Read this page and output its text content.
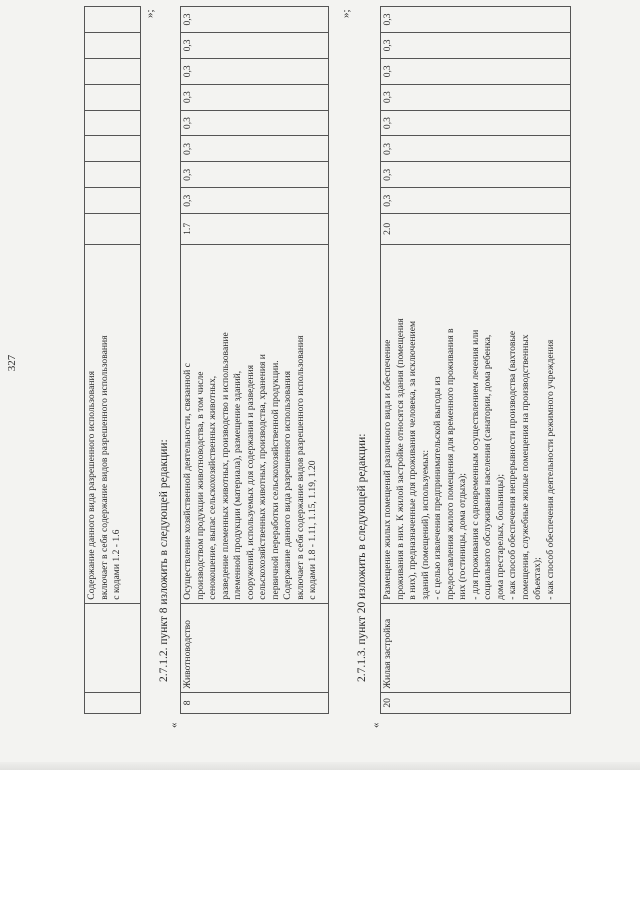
327
		Содержание данного вида разрешенного использования
включает в себя содержание видов разрешенного использования
с кодами 1.2 - 1.6									
»;
2.7.1.2. пункт 8 изложить в следующей редакции:
«
8	Животноводство	Осуществление хозяйственной деятельности, связанной с
производством продукции животноводства, в том числе
сенокошение, выпас сельскохозяйственных животных,
разведение племенных животных, производство и использование
племенной продукции (материала), размещение зданий,
сооружений, используемых для содержания и разведения
сельскохозяйственных животных, производства, хранения и
первичной переработки сельскохозяйственной продукции.
Содержание данного вида разрешенного использования
включает в себя содержание видов разрешенного использования
с кодами 1.8 - 1.11, 1.15, 1.19, 1.20	1.7	0,3	0,3	0,3	0,3	0,3	0,3	0,3	0,3	»;
2.7.1.3. пункт 20 изложить в следующей редакции:
«
20	Жилая застройка	Размещение жилых помещений различного вида и обеспечение
проживания в них. К жилой застройке относятся здания (помещения
в них), предназначенные для проживания человека, за исключением
зданий (помещений), используемых:
- с целью извлечения предпринимательской выгоды из
предоставления жилого помещения для временного проживания в
них (гостиницы, дома отдыха);
- для проживания с одновременным осуществлением лечения или
социального обслуживания населения (санатории, дома ребенка,
дома престарелых, больницы);
- как способ обеспечения непрерывности производства (вахтовые
помещения, служебные жилые помещения на производственных
объектах);
- как способ обеспечения деятельности режимного учреждения	2.0	0,3	0,3	0,3	0,3	0,3	0,3	0,3	0,3
